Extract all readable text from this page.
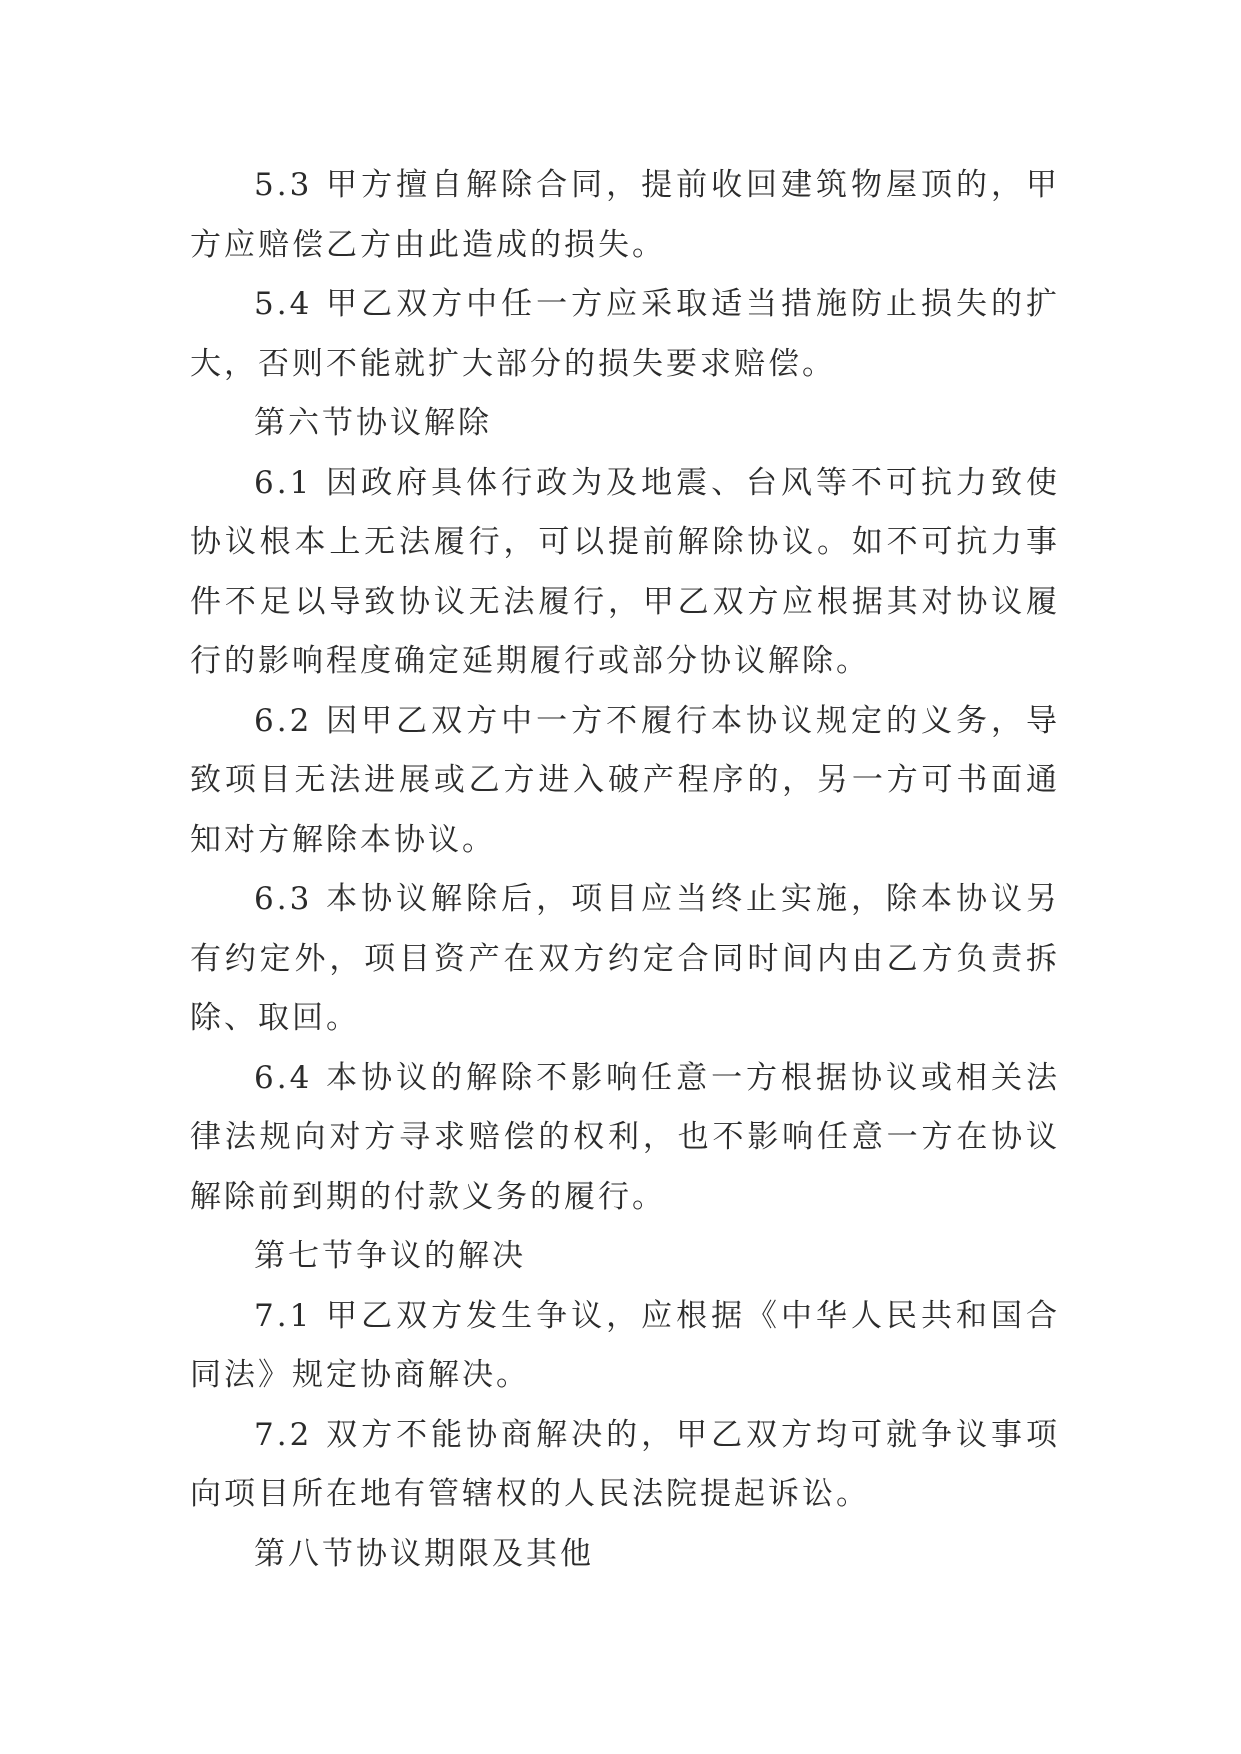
5.3 甲方擅自解除合同，提前收回建筑物屋顶的，甲方应赔偿乙方由此造成的损失。

5.4 甲乙双方中任一方应采取适当措施防止损失的扩大，否则不能就扩大部分的损失要求赔偿。

第六节协议解除

6.1 因政府具体行政为及地震、台风等不可抗力致使协议根本上无法履行，可以提前解除协议。如不可抗力事件不足以导致协议无法履行，甲乙双方应根据其对协议履行的影响程度确定延期履行或部分协议解除。

6.2 因甲乙双方中一方不履行本协议规定的义务，导致项目无法进展或乙方进入破产程序的，另一方可书面通知对方解除本协议。

6.3 本协议解除后，项目应当终止实施，除本协议另有约定外，项目资产在双方约定合同时间内由乙方负责拆除、取回。

6.4 本协议的解除不影响任意一方根据协议或相关法律法规向对方寻求赔偿的权利，也不影响任意一方在协议解除前到期的付款义务的履行。

第七节争议的解决

7.1 甲乙双方发生争议，应根据《中华人民共和国合同法》规定协商解决。

7.2 双方不能协商解决的，甲乙双方均可就争议事项向项目所在地有管辖权的人民法院提起诉讼。

第八节协议期限及其他
